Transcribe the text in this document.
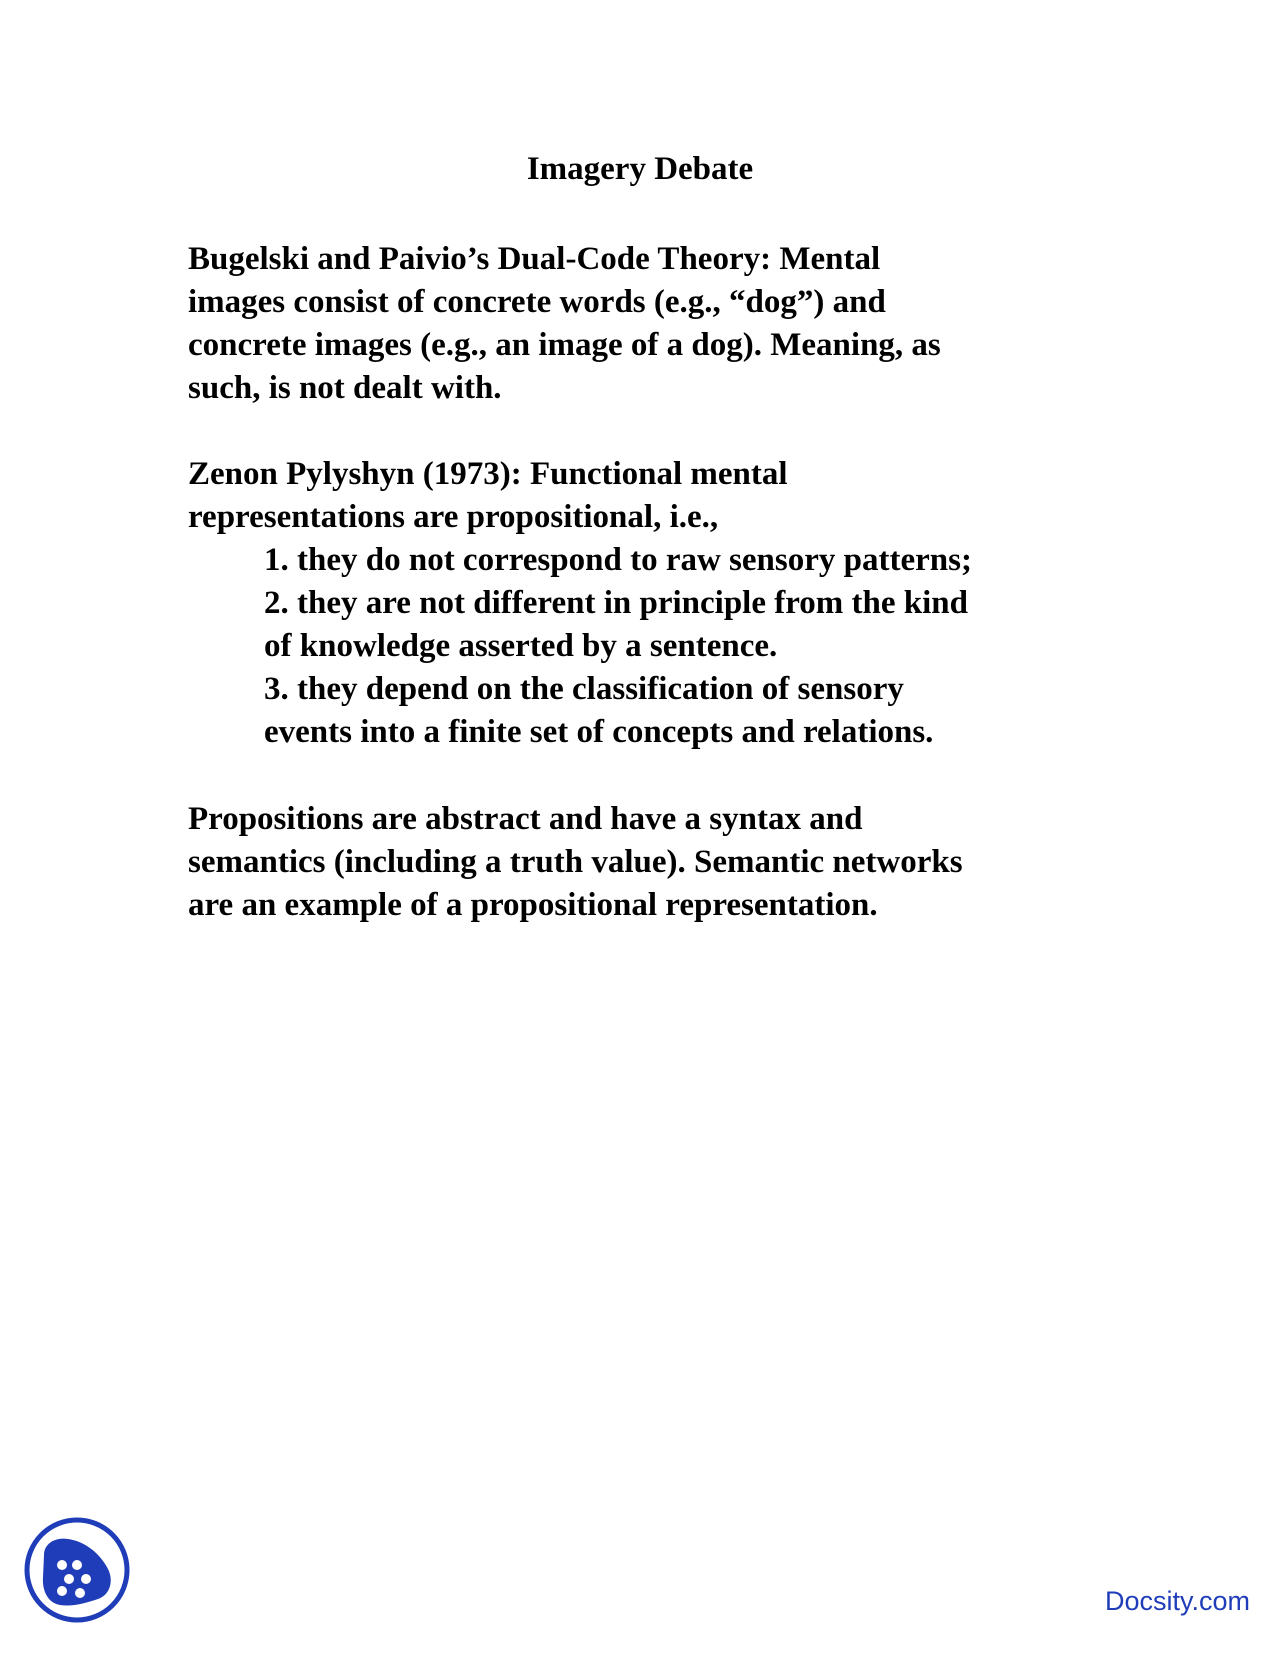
Imagery Debate
Bugelski and Paivio’s Dual-Code Theory: Mental
images consist of concrete words (e.g., “dog”) and
concrete images (e.g., an image of a dog). Meaning, as
such, is not dealt with.
Zenon Pylyshyn (1973): Functional mental
representations are propositional, i.e.,
1. they do not correspond to raw sensory patterns;
2. they are not different in principle from the kind
of knowledge asserted by a sentence.
3. they depend on the classification of sensory
events into a finite set of concepts and relations.
Propositions are abstract and have a syntax and
semantics (including a truth value). Semantic networks
are an example of a propositional representation.
Docsity.com
